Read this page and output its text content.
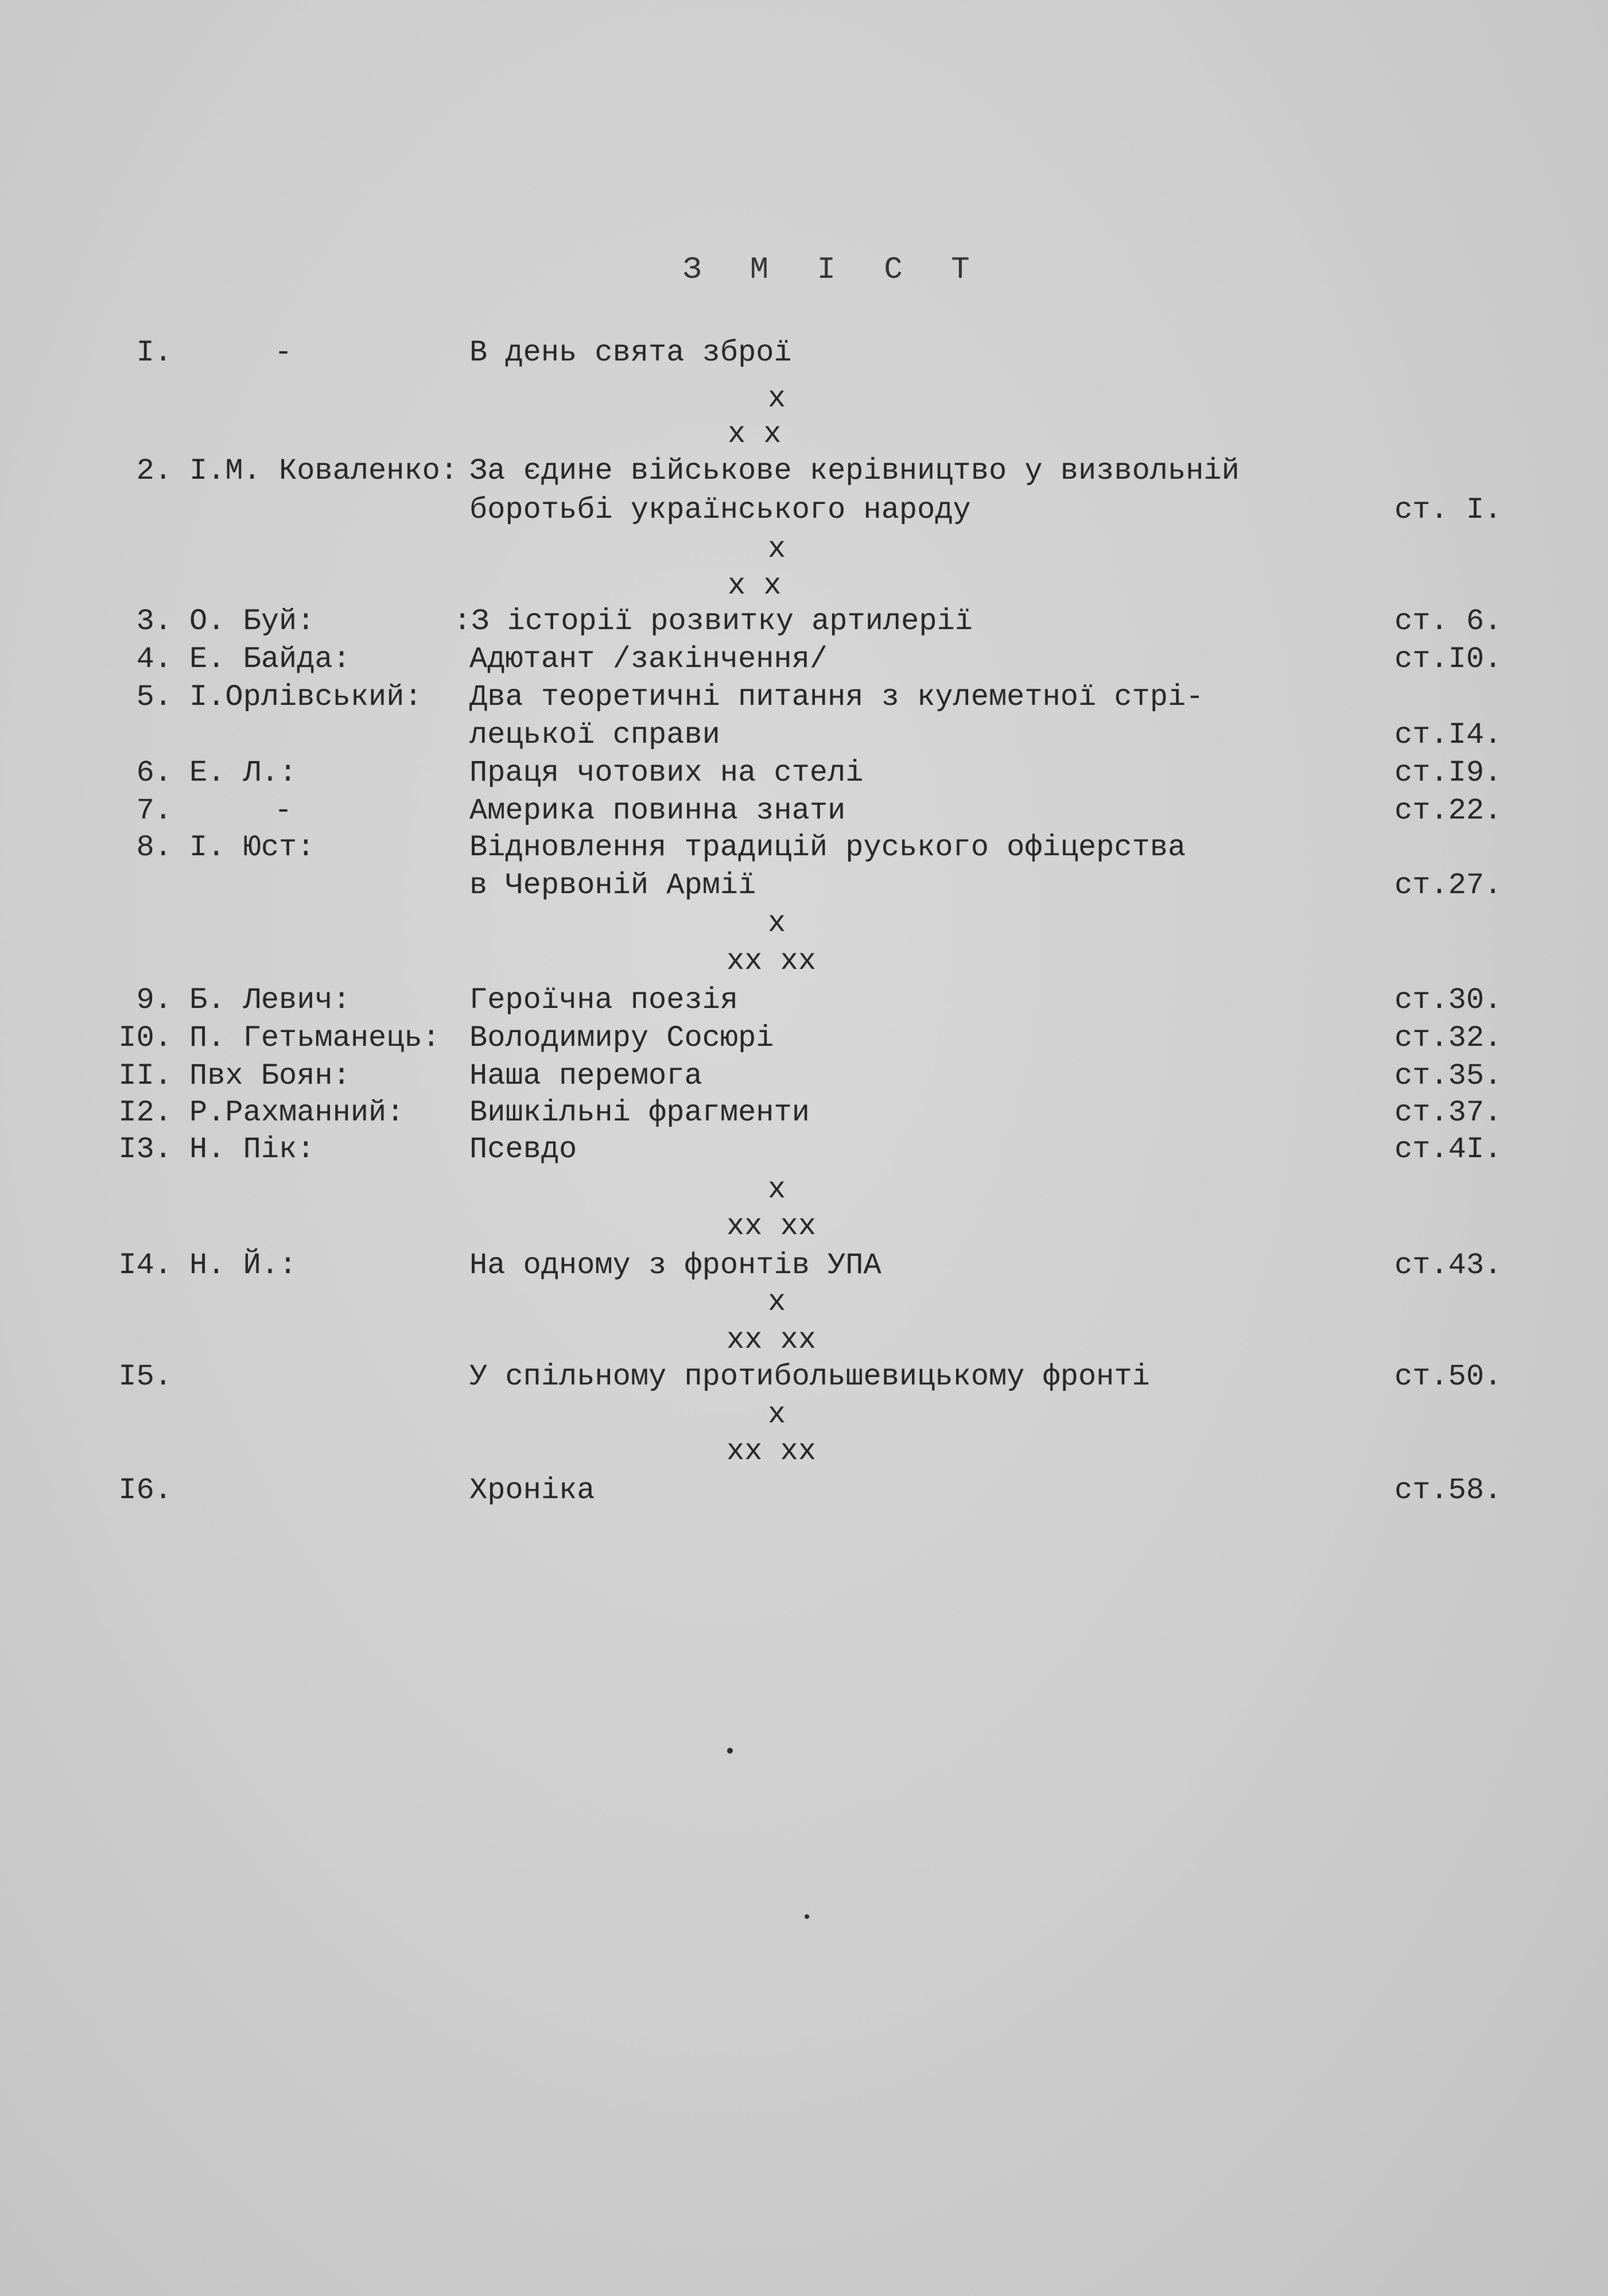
З М І С Т
x
x x
I.	-	В день свята зброї
2. I.М. Коваленко: За єдине військове керівництво у визвольній
боротьбі українського народу	ст. I.
x
x x
3. О. Буй:	:З історії розвитку артилерії	ст. 6.
4. Е. Байда:	Адютант /закінчення/	ст.I0.
5. I.Орлівський: Два теоретичні питання з кулеметної стрі-
лецької справи	ст.I4.
6. Е. Л.:	Праця чотових на стелі	ст.I9.
7.	-	Америка повинна знати	ст.22.
8. I. Юст:	Відновлення традицій руського офіцерства
в Червоній Армії	ст.27.
x
xx xx
9. Б. Левич:	Героїчна поезія	ст.30.
I0. П. Гетьманець: Володимиру Сосюрі	ст.32.
II. Пвх Боян:	Наша перемога	ст.35.
I2. Р.Рахманний: Вишкільні фрагменти	ст.37.
I3. Н. Пік:	Псевдо	ст.4I.
x
xx xx
I4. Н. Й.:	На одному з фронтів УПА	ст.43.
x
xx xx
I5.	У спільному протибольшевицькому фронті	ст.50.
x
xx xx
I6.	Хроніка	ст.58.
